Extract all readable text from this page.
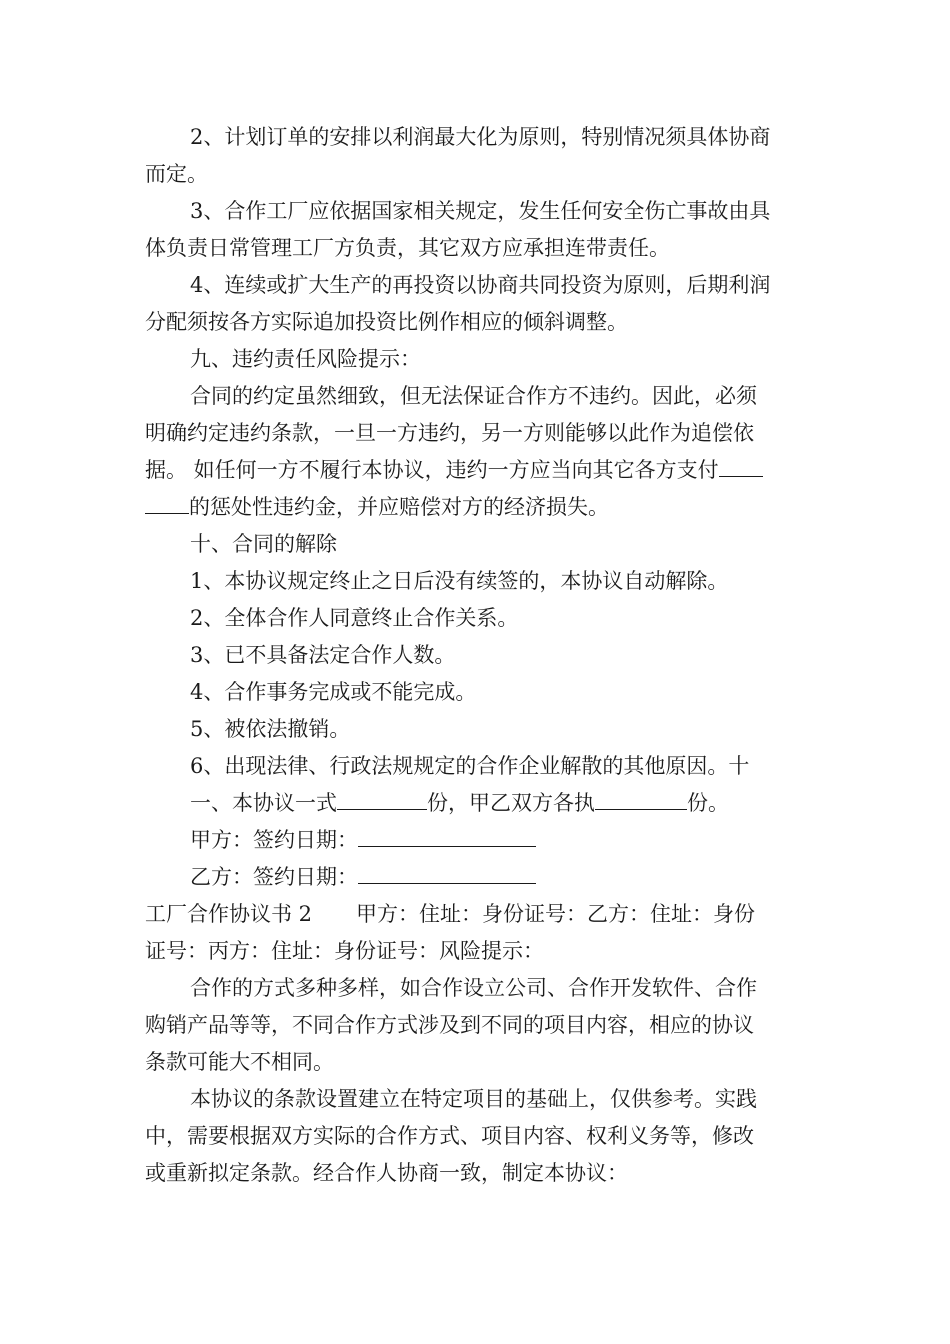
2、计划订单的安排以利润最大化为原则，特别情况须具体协商
而定。
3、合作工厂应依据国家相关规定，发生任何安全伤亡事故由具
体负责日常管理工厂方负责，其它双方应承担连带责任。
4、连续或扩大生产的再投资以协商共同投资为原则，后期利润
分配须按各方实际追加投资比例作相应的倾斜调整。
九、违约责任风险提示：
合同的约定虽然细致，但无法保证合作方不违约。因此，必须
明确约定违约条款，一旦一方违约，另一方则能够以此作为追偿依
据。 如任何一方不履行本协议，违约一方应当向其它各方支付
的惩处性违约金，并应赔偿对方的经济损失。
十、合同的解除
1、本协议规定终止之日后没有续签的，本协议自动解除。
2、全体合作人同意终止合作关系。
3、已不具备法定合作人数。
4、合作事务完成或不能完成。
5、被依法撤销。
6、出现法律、行政法规规定的合作企业解散的其他原因。十
一、本协议一式	份，甲乙双方各执	份。
甲方：签约日期：
乙方：签约日期：
工厂合作协议书 2 甲方：住址：身份证号：乙方：住址：身份
证号：丙方：住址：身份证号：风险提示：
合作的方式多种多样，如合作设立公司、合作开发软件、合作
购销产品等等，不同合作方式涉及到不同的项目内容，相应的协议
条款可能大不相同。
本协议的条款设置建立在特定项目的基础上，仅供参考。实践
中，需要根据双方实际的合作方式、项目内容、权利义务等，修改
或重新拟定条款。经合作人协商一致，制定本协议：
